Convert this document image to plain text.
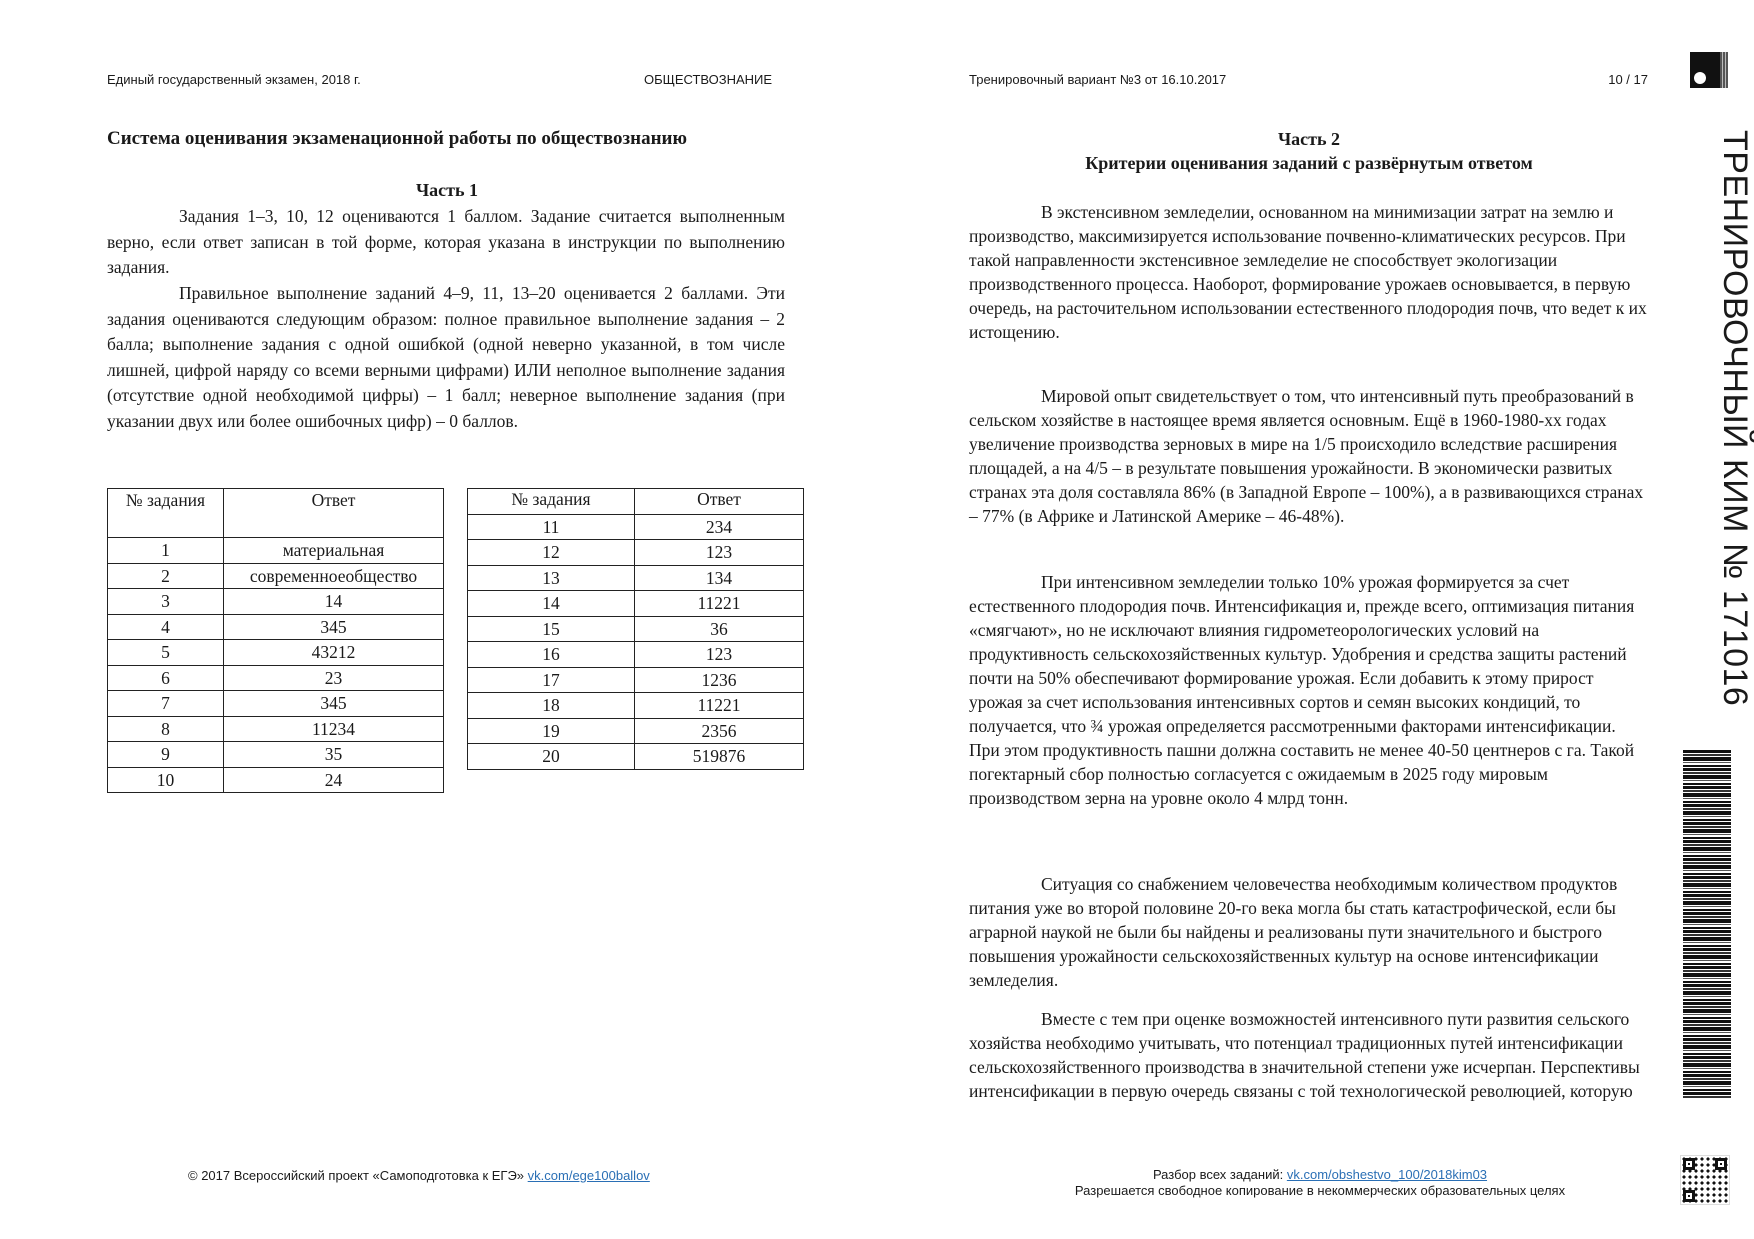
Единый государственный экзамен, 2018 г.	ОБЩЕСТВОЗНАНИЕ
Система оценивания экзаменационной работы по обществознанию
Часть 1
Задания 1–3, 10, 12 оцениваются 1 баллом. Задание считается выполненным верно, если ответ записан в той форме, которая указана в инструкции по выполнению задания.
Правильное выполнение заданий 4–9, 11, 13–20 оценивается 2 баллами. Эти задания оцениваются следующим образом: полное правильное выполнение задания – 2 балла; выполнение задания с одной ошибкой (одной неверно указанной, в том числе лишней, цифрой наряду со всеми верными цифрами) ИЛИ неполное выполнение задания (отсутствие одной необходимой цифры) – 1 балл; неверное выполнение задания (при указании двух или более ошибочных цифр) – 0 баллов.
№ задания	Ответ
1	материальная
2	современноеобщество
3	14
4	345
5	43212
6	23
7	345
8	11234
9	35
10	24
№ задания	Ответ
11	234
12	123
13	134
14	11221
15	36
16	123
17	1236
18	11221
19	2356
20	519876
© 2017 Всероссийский проект «Самоподготовка к ЕГЭ» vk.com/ege100ballov
Тренировочный вариант №3 от 16.10.2017	10 / 17
Часть 2
Критерии оценивания заданий с развёрнутым ответом
В экстенсивном земледелии, основанном на минимизации затрат на землю и производство, максимизируется использование почвенно-климатических ресурсов. При такой направленности экстенсивное земледелие не способствует экологизации производственного процесса. Наоборот, формирование урожаев основывается, в первую очередь, на расточительном использовании естественного плодородия почв, что ведет к их истощению.
Мировой опыт свидетельствует о том, что интенсивный путь преобразований в сельском хозяйстве в настоящее время является основным. Ещё в 1960-1980-хх годах увеличение производства зерновых в мире на 1/5 происходило вследствие расширения площадей, а на 4/5 – в результате повышения урожайности. В экономически развитых странах эта доля составляла 86% (в Западной Европе – 100%), а в развивающихся странах – 77% (в Африке и Латинской Америке – 46-48%).
При интенсивном земледелии только 10% урожая формируется за счет естественного плодородия почв. Интенсификация и, прежде всего, оптимизация питания «смягчают», но не исключают влияния гидрометеорологических условий на продуктивность сельскохозяйственных культур. Удобрения и средства защиты растений почти на 50% обеспечивают формирование урожая. Если добавить к этому прирост урожая за счет использования интенсивных сортов и семян высоких кондиций, то получается, что ¾ урожая определяется рассмотренными факторами интенсификации. При этом продуктивность пашни должна составить не менее 40-50 центнеров с га. Такой погектарный сбор полностью согласуется с ожидаемым в 2025 году мировым производством зерна на уровне около 4 млрд тонн.
Ситуация со снабжением человечества необходимым количеством продуктов питания уже во второй половине 20-го века могла бы стать катастрофической, если бы аграрной наукой не были бы найдены и реализованы пути значительного и быстрого повышения урожайности сельскохозяйственных культур на основе интенсификации земледелия.
Вместе с тем при оценке возможностей интенсивного пути развития сельского хозяйства необходимо учитывать, что потенциал традиционных путей интенсификации сельскохозяйственного производства в значительной степени уже исчерпан. Перспективы интенсификации в первую очередь связаны с той технологической революцией, которую
Разбор всех заданий: vk.com/obshestvo_100/2018kim03
Разрешается свободное копирование в некоммерческих образовательных целях
ТРЕНИРОВОЧНЫЙ КИМ № 171016
